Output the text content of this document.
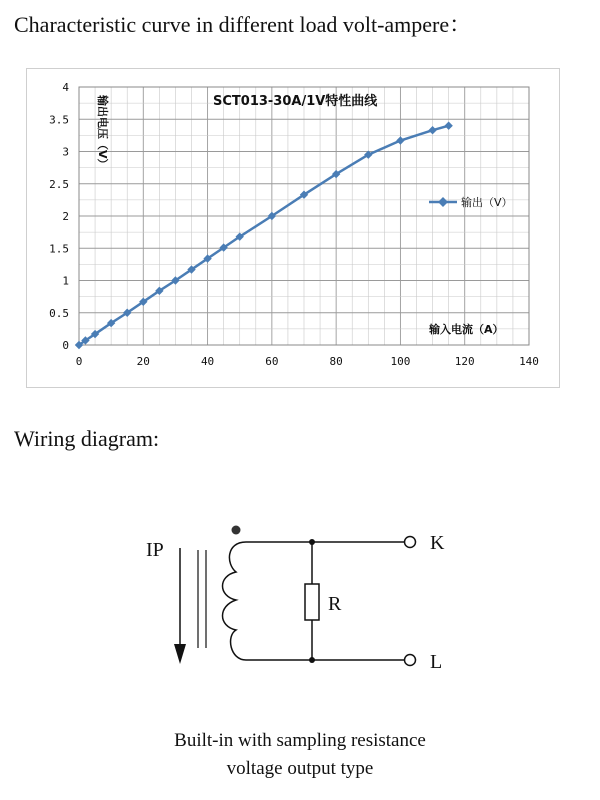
Characteristic curve in different load volt-ampere：
0	20	40	60	80	100	120	140
0
0.5
1
1.5
2
2.5
3
3.5
4
SCT013-30A/1V特性曲线
输出电压（V）
输入电流（A）
输出（V）
Wiring diagram:
IP
R
K
L

Built-in with sampling resistance

voltage output type
